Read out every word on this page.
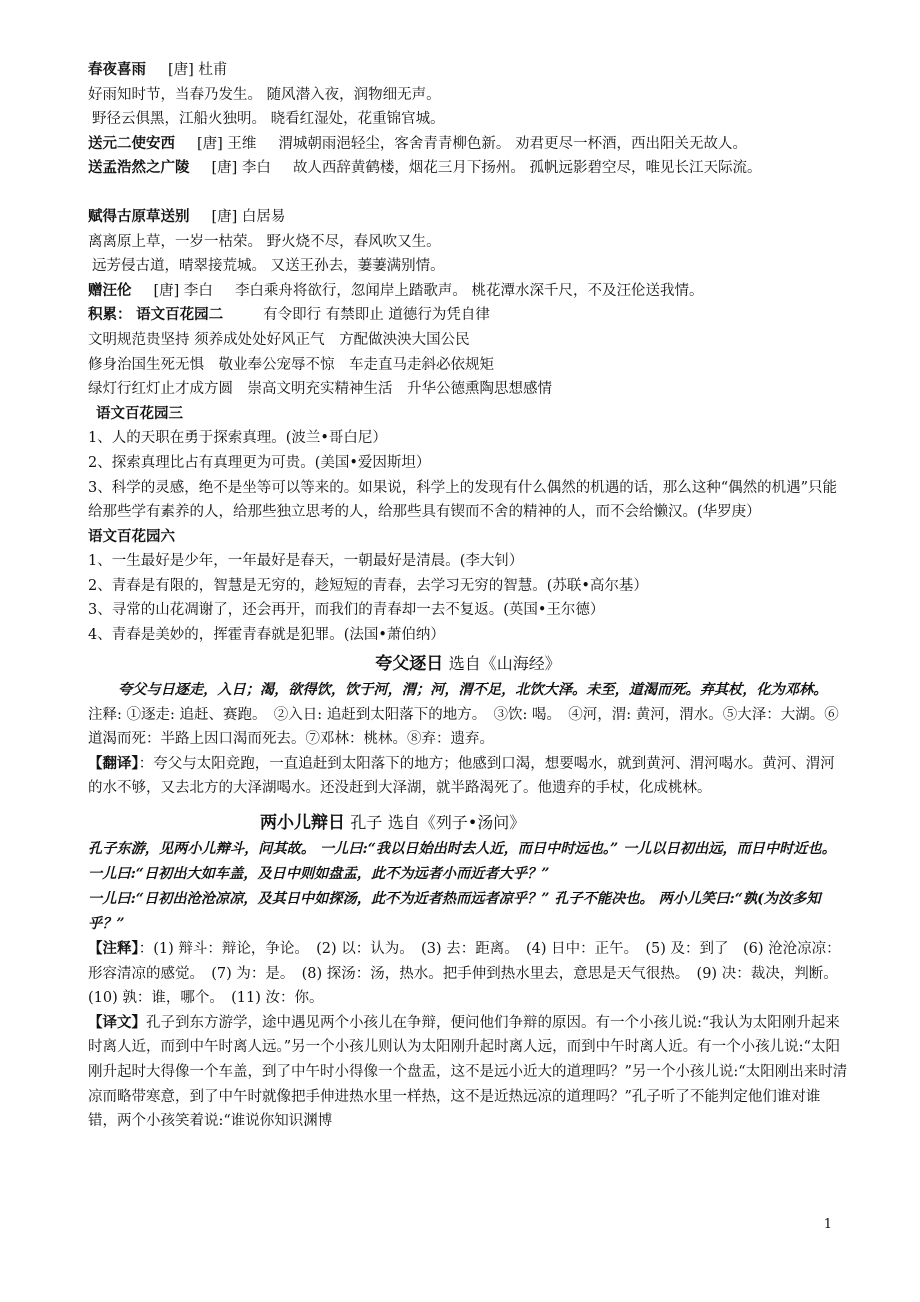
春夜喜雨 [唐] 杜甫
好雨知时节，当春乃发生。 随风潜入夜，润物细无声。
野径云俱黑，江船火独明。 晓看红湿处，花重锦官城。
送元二使安西 [唐] 王维 渭城朝雨浥轻尘，客舍青青柳色新。 劝君更尽一杯酒，西出阳关无故人。
送孟浩然之广陵 [唐] 李白 故人西辞黄鹤楼，烟花三月下扬州。 孤帆远影碧空尽，唯见长江天际流。
赋得古原草送别 [唐] 白居易
离离原上草，一岁一枯荣。 野火烧不尽，春风吹又生。
远芳侵古道，晴翠接荒城。 又送王孙去，萋萋满别情。
赠汪伦 [唐] 李白 李白乘舟将欲行，忽闻岸上踏歌声。 桃花潭水深千尺，不及汪伦送我情。
积累： 语文百花园二	有令即行 有禁即止 道德行为凭自律
文明规范贵坚持 须养成处处好风正气　方配做泱泱大国公民
修身治国生死无惧　敬业奉公宠辱不惊　车走直马走斜必依规矩
绿灯行红灯止才成方圆　崇高文明充实精神生活　升华公德熏陶思想感情
语文百花园三
1、人的天职在勇于探索真理。(波兰•哥白尼）
2、探索真理比占有真理更为可贵。(美国•爱因斯坦）
3、科学的灵感，绝不是坐等可以等来的。如果说，科学上的发现有什么偶然的机遇的话，那么这种“偶然的机遇”只能给那些学有素养的人，给那些独立思考的人，给那些具有锲而不舍的精神的人，而不会给懒汉。(华罗庚）
语文百花园六
1、一生最好是少年，一年最好是春天，一朝最好是清晨。(李大钊）
2、青春是有限的，智慧是无穷的，趁短短的青春，去学习无穷的智慧。(苏联•高尔基）
3、寻常的山花凋谢了，还会再开，而我们的青春却一去不复返。(英国•王尔德）
4、青春是美妙的，挥霍青春就是犯罪。(法国•萧伯纳）
夸父逐日 选自《山海经》
夸父与日逐走，入日；渴，欲得饮，饮于河，渭；河，渭不足，北饮大泽。未至，道渴而死。弃其杖，化为邓林。
注释: ①逐走: 追赶、赛跑。　②入日: 追赶到太阳落下的地方。　③饮: 喝。　④河，渭: 黄河，渭水。⑤大泽：大湖。⑥道渴而死：半路上因口渴而死去。⑦邓林：桃林。⑧弃：遗弃。
【翻译】：夸父与太阳竞跑，一直追赶到太阳落下的地方；他感到口渴，想要喝水，就到黄河、渭河喝水。黄河、渭河的水不够，又去北方的大泽湖喝水。还没赶到大泽湖，就半路渴死了。他遗弃的手杖，化成桃林。
两小儿辩日 孔子 选自《列子•汤问》
孔子东游，见两小儿辩斗，问其故。 一儿曰:“我以日始出时去人近，而日中时远也。” 一儿以日初出远，而日中时近也。 一儿曰:“日初出大如车盖，及日中则如盘盂，此不为远者小而近者大乎？”
一儿曰:“日初出沧沧凉凉，及其日中如探汤，此不为近者热而远者凉乎？” 孔子不能决也。 两小儿笑曰:“孰(为汝多知乎？”
【注释】：(1) 辩斗：辩论，争论。　(2) 以：认为。　(3) 去：距离。　(4) 日中：正午。　(5) 及：到了　(6) 沧沧凉凉：形容清凉的感觉。　(7) 为：是。　(8) 探汤：汤，热水。把手伸到热水里去，意思是天气很热。　(9) 决：裁决，判断。　(10) 孰：谁，哪个。　(11) 汝：你。
【译文】孔子到东方游学，途中遇见两个小孩儿在争辩，便问他们争辩的原因。有一个小孩儿说:“我认为太阳刚升起来时离人近，而到中午时离人远。”另一个小孩儿则认为太阳刚升起时离人远，而到中午时离人近。有一个小孩儿说:“太阳刚升起时大得像一个车盖，到了中午时小得像一个盘盂，这不是远小近大的道理吗？”另一个小孩儿说:“太阳刚出来时清凉而略带寒意，到了中午时就像把手伸进热水里一样热，这不是近热远凉的道理吗？”孔子听了不能判定他们谁对谁错，两个小孩笑着说:“谁说你知识渊博
1
